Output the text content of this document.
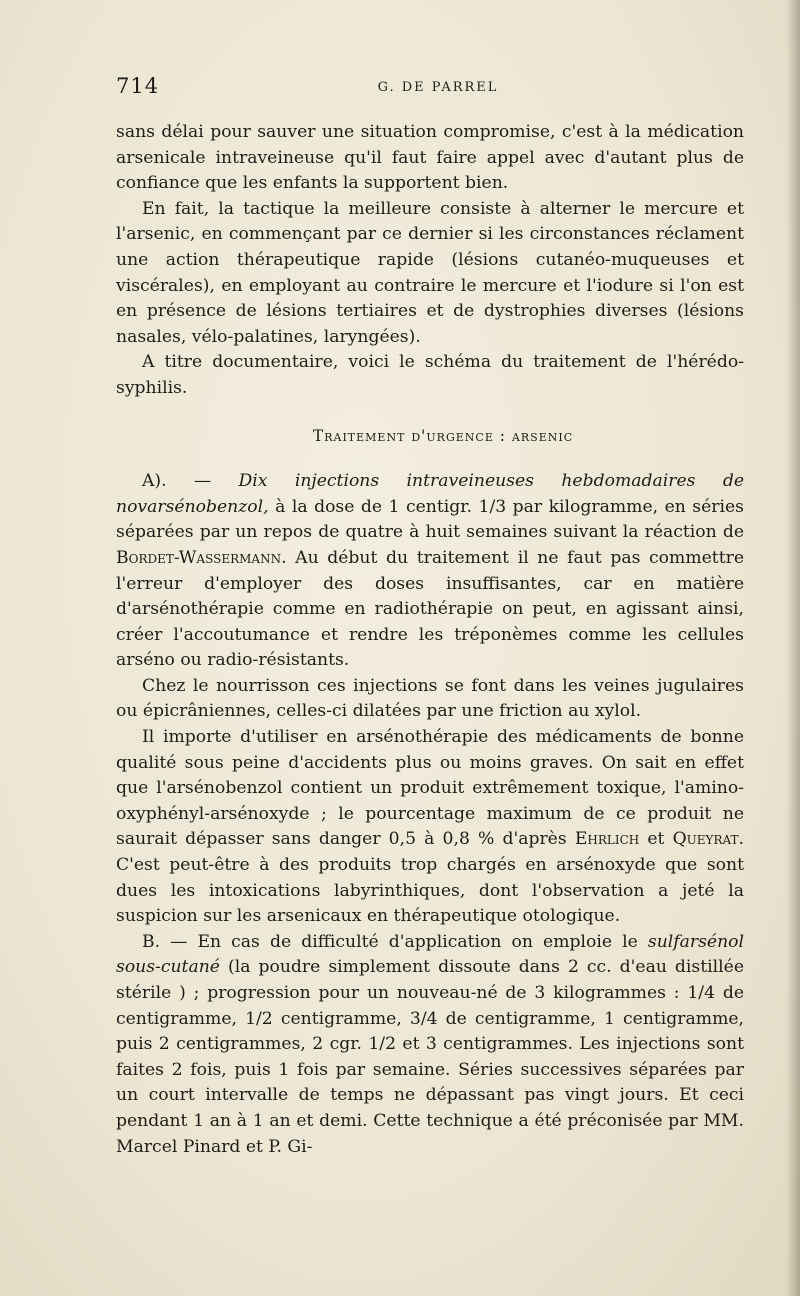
714	G. DE PARREL

sans délai pour sauver une situation compromise, c'est à la médication arsenicale intraveineuse qu'il faut faire appel avec d'autant plus de confiance que les enfants la supportent bien.

En fait, la tactique la meilleure consiste à alterner le mercure et l'arsenic, en commençant par ce dernier si les circonstances réclament une action thérapeutique rapide (lésions cutanéo-muqueuses et viscérales), en employant au contraire le mercure et l'iodure si l'on est en présence de lésions tertiaires et de dystrophies diverses (lésions nasales, vélo-palatines, laryngées).

A titre documentaire, voici le schéma du traitement de l'hérédo-syphilis.

Traitement d'urgence : arsenic

A). — Dix injections intraveineuses hebdomadaires de novarsénobenzol, à la dose de 1 centigr. 1/3 par kilogramme, en séries séparées par un repos de quatre à huit semaines suivant la réaction de Bordet-Wassermann. Au début du traitement il ne faut pas commettre l'erreur d'employer des doses insuffisantes, car en matière d'arsénothérapie comme en radiothérapie on peut, en agissant ainsi, créer l'accoutumance et rendre les tréponèmes comme les cellules arséno ou radio-résistants.

Chez le nourrisson ces injections se font dans les veines jugulaires ou épicrâniennes, celles-ci dilatées par une friction au xylol.

Il importe d'utiliser en arsénothérapie des médicaments de bonne qualité sous peine d'accidents plus ou moins graves. On sait en effet que l'arsénobenzol contient un produit extrêmement toxique, l'amino-oxyphényl-arsénoxyde ; le pourcentage maximum de ce produit ne saurait dépasser sans danger 0,5 à 0,8 % d'après Ehrlich et Queyrat. C'est peut-être à des produits trop chargés en arsénoxyde que sont dues les intoxications labyrinthiques, dont l'observation a jeté la suspicion sur les arsenicaux en thérapeutique otologique.

B. — En cas de difficulté d'application on emploie le sulfarsénol sous-cutané (la poudre simplement dissoute dans 2 cc. d'eau distillée stérile ) ; progression pour un nouveau-né de 3 kilogrammes : 1/4 de centigramme, 1/2 centigramme, 3/4 de centigramme, 1 centigramme, puis 2 centigrammes, 2 cgr. 1/2 et 3 centigrammes. Les injections sont faites 2 fois, puis 1 fois par semaine. Séries successives séparées par un court intervalle de temps ne dépassant pas vingt jours. Et ceci pendant 1 an à 1 an et demi. Cette technique a été préconisée par MM. Marcel Pinard et P. Gi-
